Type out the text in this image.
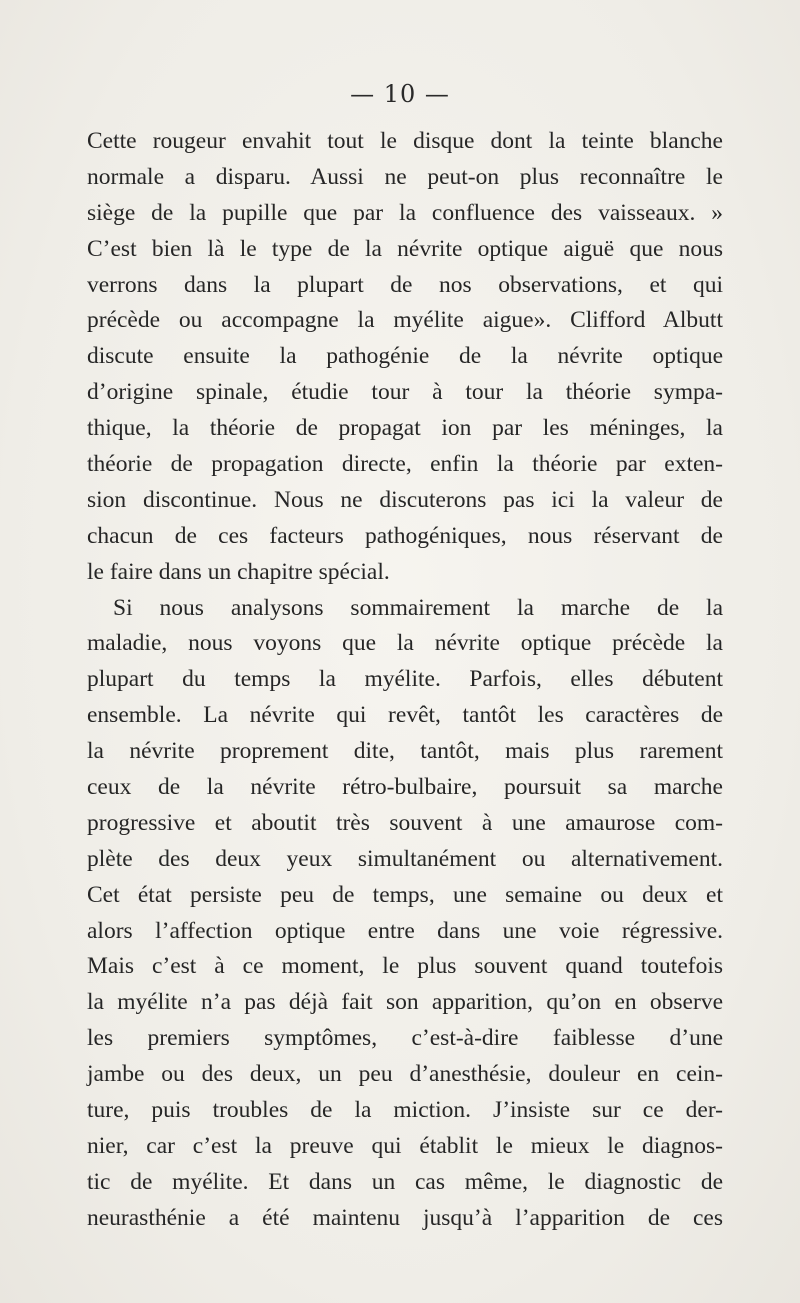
— 10 —
Cette rougeur envahit tout le disque dont la teinte blanche
normale a disparu. Aussi ne peut-on plus reconnaître le
siège de la pupille que par la confluence des vaisseaux. »
C’est bien là le type de la névrite optique aiguë que nous
verrons dans la plupart de nos observations, et qui
précède ou accompagne la myélite aigue». Clifford Albutt
discute ensuite la pathogénie de la névrite optique
d’origine spinale, étudie tour à tour la théorie sympa-
thique, la théorie de propagat ion par les méninges, la
théorie de propagation directe, enfin la théorie par exten-
sion discontinue. Nous ne discuterons pas ici la valeur de
chacun de ces facteurs pathogéniques, nous réservant de
le faire dans un chapitre spécial.
Si nous analysons sommairement la marche de la
maladie, nous voyons que la névrite optique précède la
plupart du temps la myélite. Parfois, elles débutent
ensemble. La névrite qui revêt, tantôt les caractères de
la névrite proprement dite, tantôt, mais plus rarement
ceux de la névrite rétro-bulbaire, poursuit sa marche
progressive et aboutit très souvent à une amaurose com-
plète des deux yeux simultanément ou alternativement.
Cet état persiste peu de temps, une semaine ou deux et
alors l’affection optique entre dans une voie régressive.
Mais c’est à ce moment, le plus souvent quand toutefois
la myélite n’a pas déjà fait son apparition, qu’on en observe
les premiers symptômes, c’est-à-dire faiblesse d’une
jambe ou des deux, un peu d’anesthésie, douleur en cein-
ture, puis troubles de la miction. J’insiste sur ce der-
nier, car c’est la preuve qui établit le mieux le diagnos-
tic de myélite. Et dans un cas même, le diagnostic de
neurasthénie a été maintenu jusqu’à l’apparition de ces
